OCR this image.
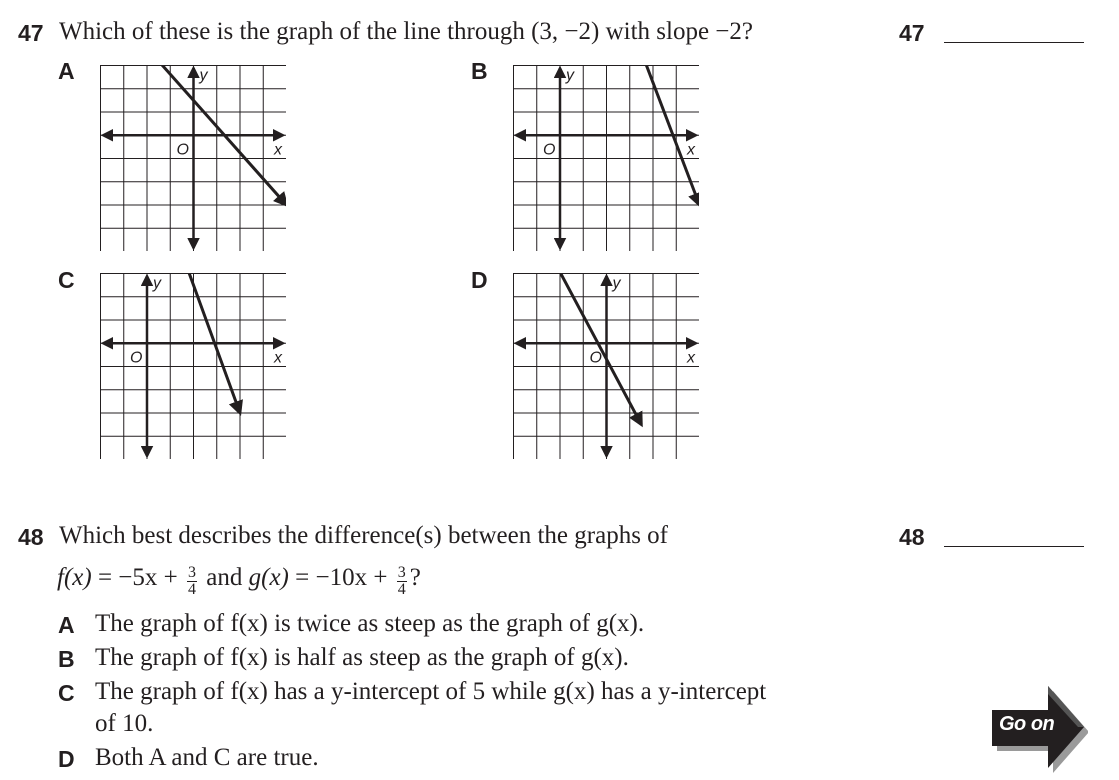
47 Which of these is the graph of the line through (3, −2) with slope −2?	47
A	B
C	D
x
y
O	x
y
O
x
y
O	x
y
O
48 Which best describes the difference(s) between the graphs of	48
$f(x) = -5x + \frac{3}{4}$ and $g(x) = -10x + \frac{3}{4}$ ?
A The graph of f(x) is twice as steep as the graph of g(x).
B The graph of f(x) is half as steep as the graph of g(x).
C The graph of f(x) has a y-intercept of 5 while g(x) has a y-intercept
of 10.
D Both A and C are true.
Go on
